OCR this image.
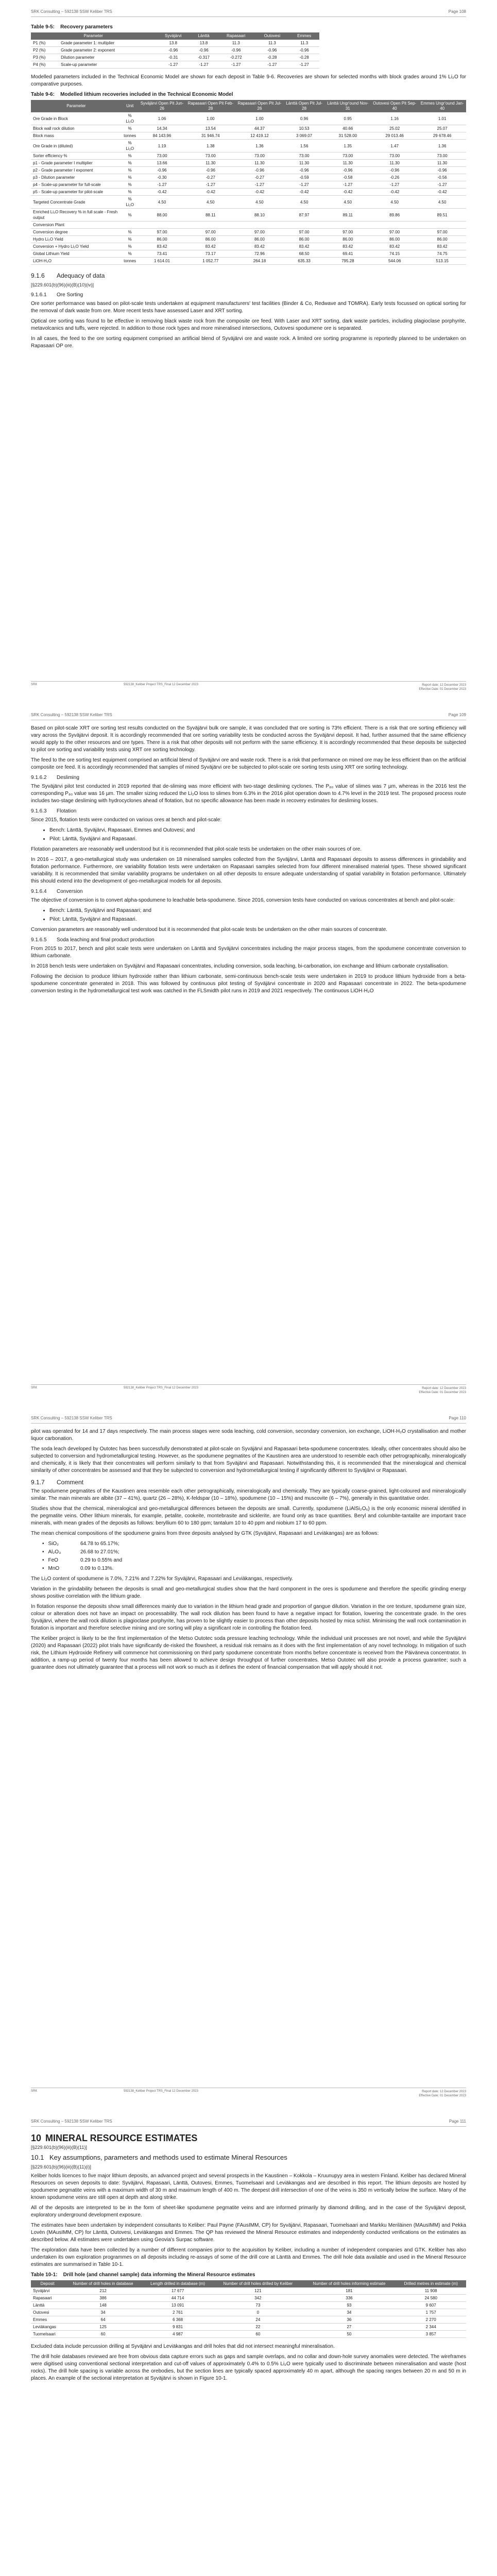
SRK Consulting – 592138 SSW Keliber TRS	Page 108
Table 9-5: Recovery parameters
Parameter		Syväjärvi	Länttä	Rapasaari	Outovesi	Emmes
P1 (%)	Grade parameter 1: multiplier	13.8	13.8	11.3	11.3	11.3
P2 (%)	Grade parameter 2: exponent	-0.96	-0.96	-0.96	-0.96	-0.96
P3 (%)	Dilution parameter	-0.31	-0.317	-0.272	-0.28	-0.28
P4 (%)	Scale-up parameter	-1.27	-1.27	-1.27	-1.27	-1.27

Modelled parameters included in the Technical Economic Model are shown for each deposit in Table 9-6. Recoveries are shown for selected months with block grades around 1% Li₂O for comparative purposes.

Table 9-6: Modelled lithium recoveries included in the Technical Economic Model
Parameter	Unit	Syväjärvi Open Pit Jun-26	Rapasaari Open Pit Feb-28	Rapasaari Open Pit Jul-26	Länttä Open Pit Jul-28	Länttä Ungr'ound Nov-31	Outovesi Open Pit Sep-40	Emmes Ungr'ound Jan-40
Ore Grade in Block	% Li₂O	1.06	1.00	1.00	0.96	0.95	1.16	1.01
Block wall rock dilution	%	14.34	13.54	44.37	10.53	40.66	25.02	25.07
Block mass	tonnes	84 143.96	31 946.74	12 419.12	3 069.07	31 528.00	29 013.46	29 678.46
Ore Grade in (diluted)	% Li₂O	1.19	1.38	1.36	1.56	1.35	1.47	1.36
Sorter efficiency %	%	73.00	73.00	73.00	73.00	73.00	73.00	73.00
p1 - Grade parameter I multiplier	%	13.66	11.30	11.30	11.30	11.30	11.30	11.30
p2 - Grade parameter I exponent	%	-0.96	-0.96	-0.96	-0.96	-0.96	-0.96	-0.96
p3 - Dilution parameter	%	-0.30	-0.27	-0.27	-0.59	-0.58	-0.26	-0.56
p4 - Scale-up parameter for full-scale	%	-1.27	-1.27	-1.27	-1.27	-1.27	-1.27	-1.27
p5 - Scale-up parameter for pilot-scale	%	-0.42	-0.42	-0.42	-0.42	-0.42	-0.42	-0.42
Targeted Concentrate Grade	% Li₂O	4.50	4.50	4.50	4.50	4.50	4.50	4.50
Enriched Li₂O Recovery % in full scale - Fresh output	%	88.00	88.11	88.10	87.97	89.11	89.86	89.51
Conversion Plant								
Conversion degree	%	97.00	97.00	97.00	97.00	97.00	97.00	97.00
Hydro Li₂O Yield	%	86.00	86.00	86.00	86.00	86.00	86.00	86.00
Conversion + Hydro Li₂O Yield	%	83.42	83.42	83.42	83.42	83.42	83.42	83.42
Global Lithium Yield	%	73.41	73.17	72.96	68.50	69.41	74.15	74.75
LiOH·H₂O	tonnes	1 614.01	1 052.77	264.18	635.33	795.28	544.06	513.15
9.1.6	Adequacy of data
[§229.601(b)(96)(iii)(B)(10)(iv)]
9.1.6.1	Ore Sorting

Ore sorter performance was based on pilot-scale tests undertaken at equipment manufacturers' test facilities (Binder & Co, Redwave and TOMRA). Early tests focussed on optical sorting for the removal of dark waste from ore. More recent tests have assessed Laser and XRT sorting.

Optical ore sorting was found to be effective in removing black waste rock from the composite ore feed. With Laser and XRT sorting, dark waste particles, including plagioclase porphyrite, metavolcanics and tuffs, were rejected. In addition to those rock types and more mineralised intersections, Outovesi spodumene ore is separated.

In all cases, the feed to the ore sorting equipment comprised an artificial blend of Syväjärvi ore and waste rock. A limited ore sorting programme is reportedly planned to be undertaken on Rapasaari OP ore.

SRK	592138_Keliber Project TRS_Final 12 December 2023	Report date: 12 December 2023
Effective Date: 01 December 2023
SRK Consulting – 592138 SSW Keliber TRS	Page 109

Based on pilot-scale XRT ore sorting test results conducted on the Syväjärvi bulk ore sample, it was concluded that ore sorting is 73% efficient. There is a risk that ore sorting efficiency will vary across the Syväjärvi deposit. It is accordingly recommended that ore sorting variability tests be conducted across the Syväjärvi deposit. It had, further assumed that the same efficiency would apply to the other resources and ore types. There is a risk that other deposits will not perform with the same efficiency. It is accordingly recommended that these deposits be subjected to pilot ore sorting and variability tests using XRT ore sorting technology.

The feed to the ore sorting test equipment comprised an artificial blend of Syväjärvi ore and waste rock. There is a risk that performance on mined ore may be less efficient than on the artificial composite ore feed. It is accordingly recommended that samples of mined Syväjärvi ore be subjected to pilot-scale ore sorting tests using XRT ore sorting technology.

9.1.6.2	Desliming

The Syväjärvi pilot test conducted in 2019 reported that de-sliming was more efficient with two-stage desliming cyclones. The P₈₀ value of slimes was 7 µm, whereas in the 2016 test the corresponding P₈₀ value was 16 µm. The smaller sizing reduced the Li₂O loss to slimes from 6.3% in the 2016 pilot operation down to 4.7% level in the 2019 test. The proposed process route includes two-stage desliming with hydrocyclones ahead of flotation, but no specific allowance has been made in recovery estimates for desliming losses.

9.1.6.3	Flotation

Since 2015, flotation tests were conducted on various ores at bench and pilot-scale:

• Bench: Länttä, Syväjärvi, Rapasaari, Emmes and Outovesi; and
• Pilot: Länttä, Syväjärvi and Rapasaari.

Flotation parameters are reasonably well understood but it is recommended that pilot-scale tests be undertaken on the other main sources of ore.

In 2016 – 2017, a geo-metallurgical study was undertaken on 18 mineralised samples collected from the Syväjärvi, Länttä and Rapasaari deposits to assess differences in grindability and flotation performance. Furthermore, ore variability flotation tests were undertaken on Rapasaari samples selected from four different mineralised material types. These showed significant variability. It is recommended that similar variability programs be undertaken on all other deposits to ensure adequate understanding of spatial variability in flotation performance. Ultimately this should extend into the development of geo-metallurgical models for all deposits.

9.1.6.4	Conversion

The objective of conversion is to convert alpha-spodumene to leachable beta-spodumene. Since 2016, conversion tests have conducted on various concentrates at bench and pilot-scale:

• Bench: Länttä, Syväjärvi and Rapasaari; and
• Pilot: Länttä, Syväjärvi and Rapasaari.

Conversion parameters are reasonably well understood but it is recommended that pilot-scale tests be undertaken on the other main sources of concentrate.

9.1.6.5	Soda leaching and final product production

From 2015 to 2017, bench and pilot scale tests were undertaken on Länttä and Syväjärvi concentrates including the major process stages, from the spodumene concentrate conversion to lithium carbonate.

In 2018 bench tests were undertaken on Syväjärvi and Rapasaari concentrates, including conversion, soda leaching, bi-carbonation, ion exchange and lithium carbonate crystallisation.

Following the decision to produce lithium hydroxide rather than lithium carbonate, semi-continuous bench-scale tests were undertaken in 2019 to produce lithium hydroxide from a beta-spodumene concentrate generated in 2018. This was followed by continuous pilot testing of Syväjärvi concentrate in 2020 and Rapasaari concentrate in 2022. The beta-spodumene conversion testing in the hydrometallurgical test work was catched in the FLSmidth pilot runs in 2019 and 2021 respectively. The continuous LiOH·H₂O

SRK	592138_Keliber Project TRS_Final 12 December 2023	Report date: 12 December 2023
Effective Date: 01 December 2023
SRK Consulting – 592138 SSW Keliber TRS	Page 110

pilot was operated for 14 and 17 days respectively. The main process stages were soda leaching, cold conversion, secondary conversion, ion exchange, LiOH·H₂O crystallisation and mother liquor carbonation.

The soda leach developed by Outotec has been successfully demonstrated at pilot-scale on Syväjärvi and Rapasaari beta-spodumene concentrates. Ideally, other concentrates should also be subjected to conversion and hydrometallurgical testing. However, as the spodumene pegmatites of the Kaustinen area are understood to resemble each other petrographically, mineralogically and chemically, it is likely that their concentrates will perform similarly to that from Syväjärvi and Rapasaari. Notwithstanding this, it is recommended that the mineralogical and chemical similarity of other concentrates be assessed and that they be subjected to conversion and hydrometallurgical testing if significantly different to Syväjärvi or Rapasaari.

9.1.7	Comment

The spodumene pegmatites of the Kaustinen area resemble each other petrographically, mineralogically and chemically. They are typically coarse-grained, light-coloured and mineralogically similar. The main minerals are albite (37 – 41%), quartz (26 – 28%), K-feldspar (10 – 18%), spodumene (10 – 15%) and muscovite (6 – 7%), generally in this quantitative order.

Studies show that the chemical, mineralogical and geo-metallurgical differences between the deposits are small. Currently, spodumene (LiAlSi₂O₆) is the only economic mineral identified in the pegmatite veins. Other lithium minerals, for example, petalite, cookeite, montebrasite and sicklerite, are found only as trace quantities. Beryl and columbite-tantalite are important trace minerals, with mean grades of the deposits as follows: beryllium 60 to 180 ppm; tantalum 10 to 40 ppm and niobium 17 to 60 ppm.

The mean chemical compositions of the spodumene grains from three deposits analysed by GTK (Syväjärvi, Rapasaari and Leviäkangas) are as follows:

• SiO₂	64.78 to 65.17%;
• Al₂O₃	26.68 to 27.01%;
• FeO	0.29 to 0.55% and
• MnO	0.09 to 0.13%.

The Li₂O content of spodumene is 7.0%, 7.21% and 7.22% for Syväjärvi, Rapasaari and Leviäkangas, respectively.

Variation in the grindability between the deposits is small and geo-metallurgical studies show that the hard component in the ores is spodumene and therefore the specific grinding energy shows positive correlation with the lithium grade.

In flotation response the deposits show small differences mainly due to variation in the lithium head grade and proportion of gangue dilution. Variation in the ore texture, spodumene grain size, colour or alteration does not have an impact on processability. The wall rock dilution has been found to have a negative impact for flotation, lowering the concentrate grade. In the ores Syväjärvi, where the wall rock dilution is plagioclase porphyrite, has proven to be slightly easier to process than other deposits hosted by mica schist. Minimising the wall rock contamination in flotation is important and therefore selective mining and ore sorting will play a significant role in controlling the flotation feed.

The Keliber project is likely to be the first implementation of the Metso Outotec soda pressure leaching technology. While the individual unit processes are not novel, and while the Syväjärvi (2020) and Rapasaari (2022) pilot trials have significantly de-risked the flowsheet, a residual risk remains as it does with the first implementation of any novel technology. In mitigation of such risk, the Lithium Hydroxide Refinery will commence hot commissioning on third party spodumene concentrate from months before concentrate is received from the Päiväneva concentrator. In addition, a ramp-up period of twenty four months has been allowed to achieve design throughput of further concentrates. Metso Outotec will also provide a process guarantee; such a guarantee does not ultimately guarantee that a process will not work so much as it defines the extent of financial compensation that will apply should it not.

SRK	592138_Keliber Project TRS_Final 12 December 2023	Report date: 12 December 2023
Effective Date: 01 December 2023
SRK Consulting – 592138 SSW Keliber TRS	Page 111
10 MINERAL RESOURCE ESTIMATES
[§229.601(b)(96)(iii)(B)(11)]
10.1 Key assumptions, parameters and methods used to estimate Mineral Resources
[§229.601(b)(96)(iii)(B)(11)(i)]

Keliber holds licences to five major lithium deposits, an advanced project and several prospects in the Kaustinen – Kokkola – Kruunupyy area in western Finland. Keliber has declared Mineral Resources on seven deposits to date: Syväjärvi, Rapasaari, Länttä, Outovesi, Emmes, Tuomelsaari and Leviäkangas and are described in this report. The lithium deposits are hosted by spodumene pegmatite veins with a maximum width of 30 m and maximum length of 400 m. The deepest drill intersection of one of the veins is 350 m vertically below the surface. Many of the known spodumene veins are still open at depth and along strike.

All of the deposits are interpreted to be in the form of sheet-like spodumene pegmatite veins and are informed primarily by diamond drilling, and in the case of the Syväjärvi deposit, exploratory underground development exposure.

The estimates have been undertaken by independent consultants to Keliber: Paul Payne (FAusIMM, CP) for Syväjärvi, Rapasaari, Tuomelsaari and Markku Meriläinen (MAusIMM) and Pekka Lovén (MAusIMM, CP) for Länttä, Outovesi, Leviäkangas and Emmes. The QP has reviewed the Mineral Resource estimates and independently conducted verifications on the estimates as described below. All estimates were undertaken using Geovia's Surpac software.

The exploration data have been collected by a number of different companies prior to the acquisition by Keliber, including a number of independent companies and GTK. Keliber has also undertaken its own exploration programmes on all deposits including re-assays of some of the drill core at Länttä and Emmes. The drill hole data available and used in the Mineral Resource estimates are summarised in Table 10-1.

Table 10-1: Drill hole (and channel sample) data informing the Mineral Resource estimates
Deposit	Number of drill holes in database	Length drilled in database (m)	Number of drill holes drilled by Keliber	Number of drill holes informing estimate	Drilled metres in estimate (m)
Syväjärvi	212	17 677	121	181	11 908
Rapasaari	386	44 714	342	336	24 580
Länttä	148	13 091	73	93	9 607
Outovesi	34	2 761	0	34	1 757
Emmes	64	6 368	24	36	2 270
Leviäkangas	125	9 831	22	27	2 344
Tuomelsaari	60	4 987	60	50	3 857

Excluded data include percussion drilling at Syväjärvi and Leviäkangas and drill holes that did not intersect meaningful mineralisation.

The drill hole databases reviewed are free from obvious data capture errors such as gaps and sample overlaps, and no collar and down-hole survey anomalies were detected. The wireframes were digitised using conventional sectional interpretation and cut-off values of approximately 0.4% to 0.5% Li₂O were typically used to discriminate between mineralisation and waste (host rocks). The drill hole spacing is variable across the orebodies, but the section lines are typically spaced approximately 40 m apart, although the spacing ranges between 20 m and 50 m in places. An example of the sectional interpretation at Syväjärvi is shown in Figure 10-1.
